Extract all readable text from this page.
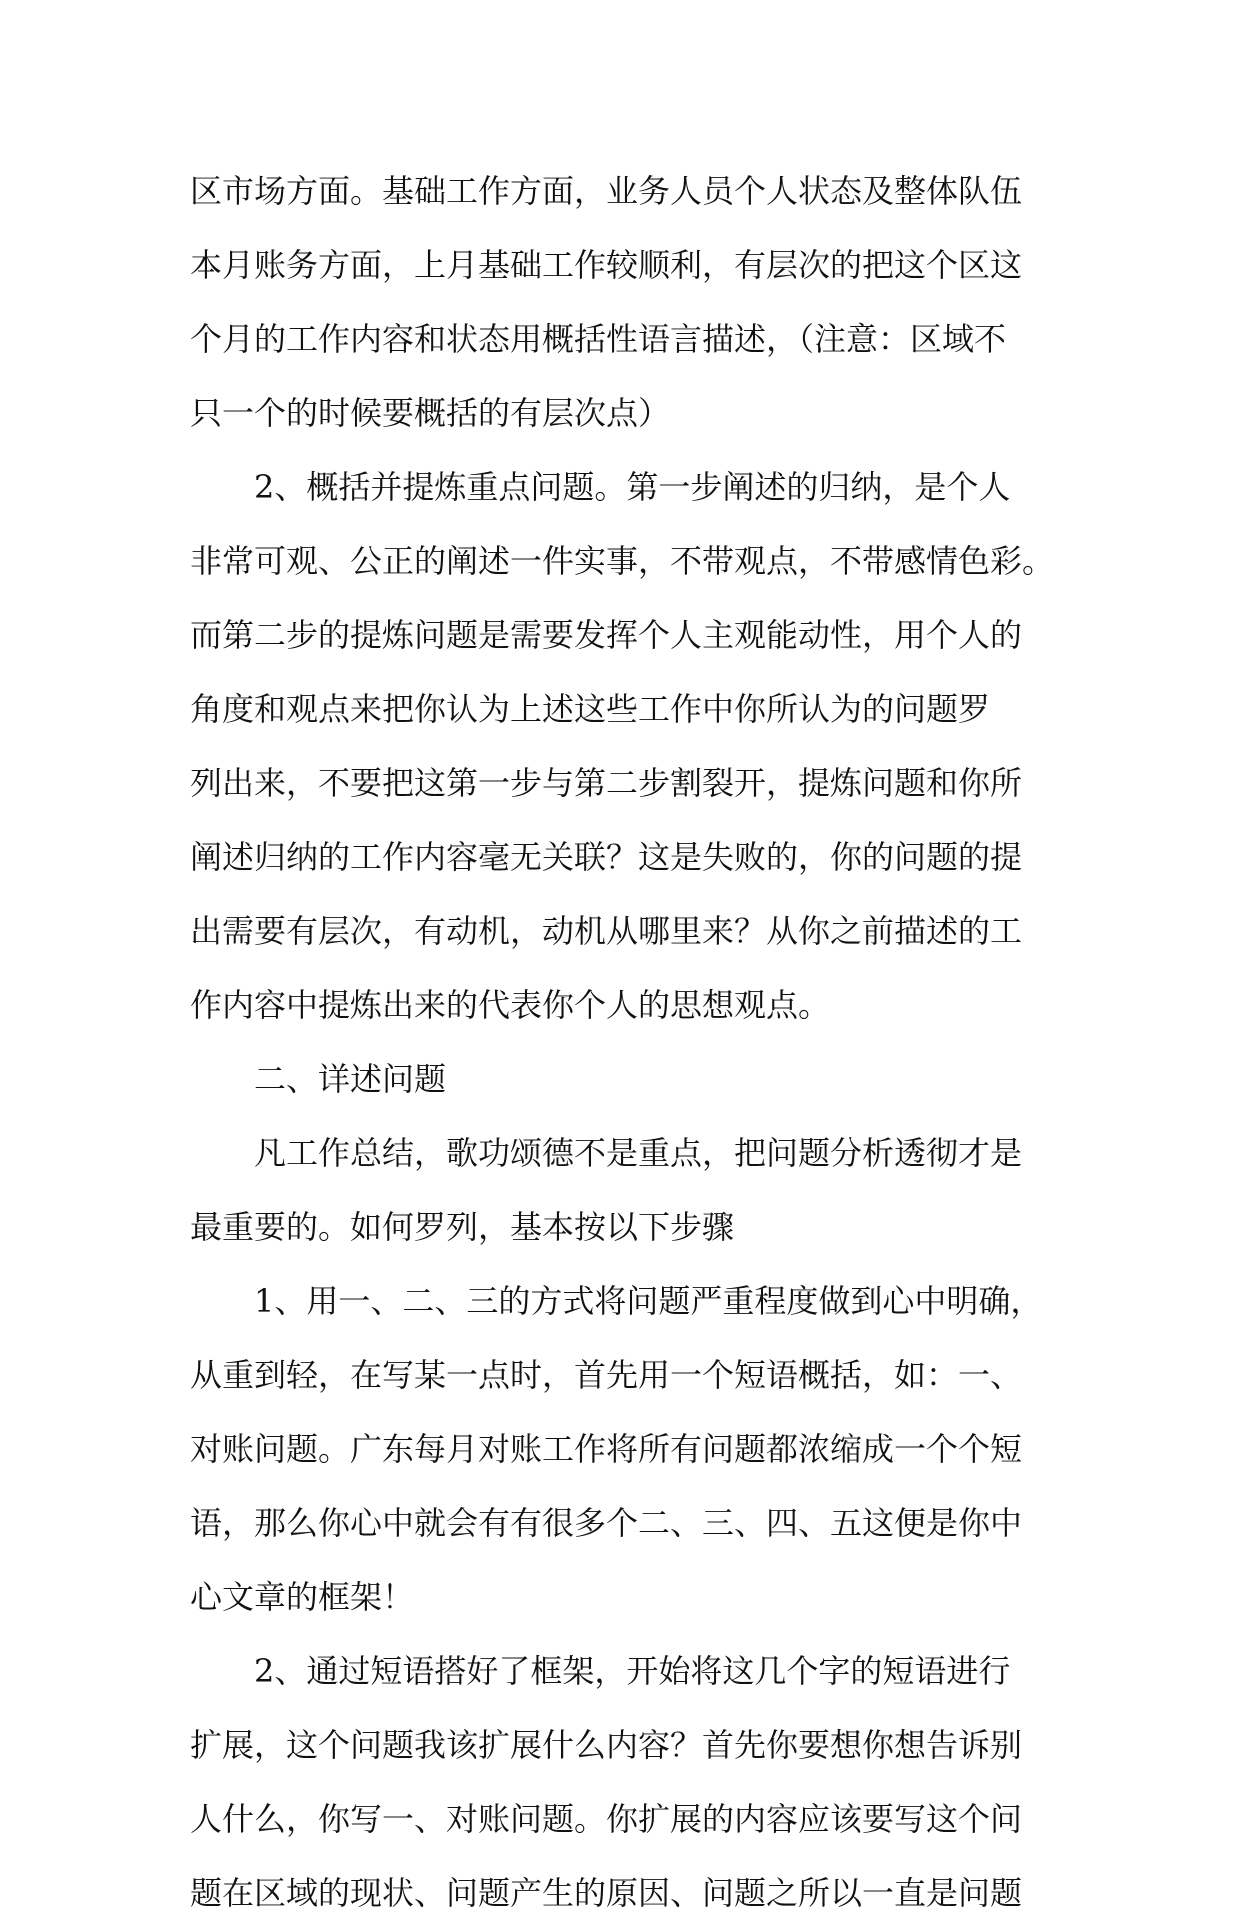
区市场方面。基础工作方面，业务人员个人状态及整体队伍
本月账务方面，上月基础工作较顺利，有层次的把这个区这
个月的工作内容和状态用概括性语言描述，（注意：区域不
只一个的时候要概括的有层次点）
2、概括并提炼重点问题。第一步阐述的归纳，是个人
非常可观、公正的阐述一件实事，不带观点，不带感情色彩。
而第二步的提炼问题是需要发挥个人主观能动性，用个人的
角度和观点来把你认为上述这些工作中你所认为的问题罗
列出来，不要把这第一步与第二步割裂开，提炼问题和你所
阐述归纳的工作内容毫无关联？这是失败的，你的问题的提
出需要有层次，有动机，动机从哪里来？从你之前描述的工
作内容中提炼出来的代表你个人的思想观点。
二、详述问题
凡工作总结，歌功颂德不是重点，把问题分析透彻才是
最重要的。如何罗列，基本按以下步骤
1、用一、二、三的方式将问题严重程度做到心中明确，
从重到轻，在写某一点时，首先用一个短语概括，如：一、
对账问题。广东每月对账工作将所有问题都浓缩成一个个短
语，那么你心中就会有有很多个二、三、四、五这便是你中
心文章的框架！
2、通过短语搭好了框架，开始将这几个字的短语进行
扩展，这个问题我该扩展什么内容？首先你要想你想告诉别
人什么，你写一、对账问题。你扩展的内容应该要写这个问
题在区域的现状、问题产生的原因、问题之所以一直是问题
